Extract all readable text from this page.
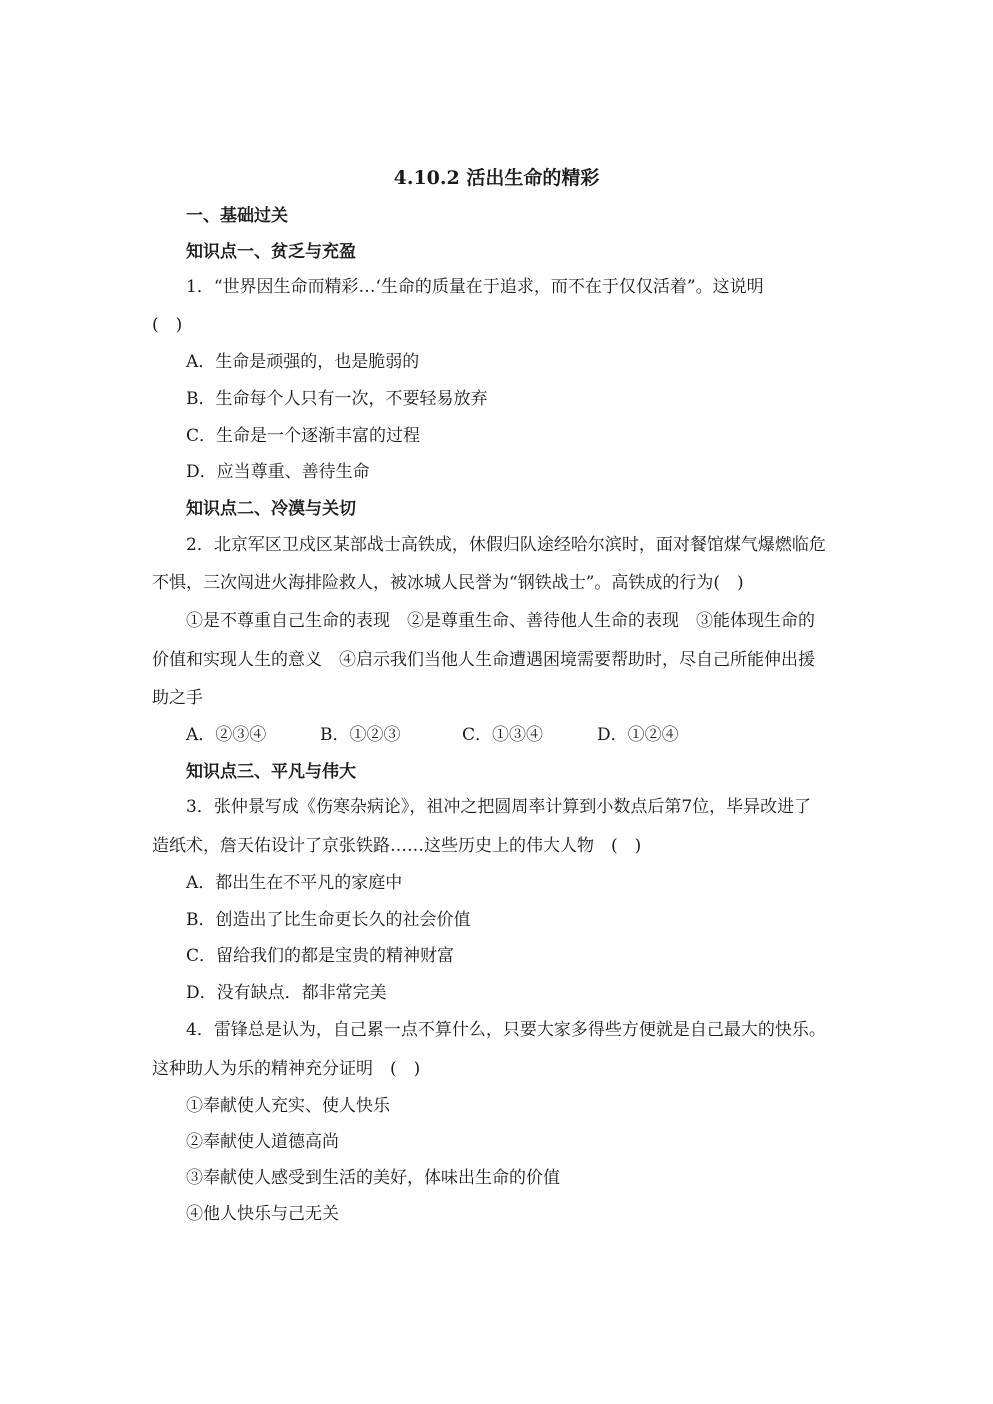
4.10.2 活出生命的精彩
一、基础过关
知识点一、贫乏与充盈
1．“世界因生命而精彩…‘生命的质量在于追求，而不在于仅仅活着”。这说明
(　)
A．生命是顽强的，也是脆弱的
B．生命每个人只有一次，不要轻易放弃
C．生命是一个逐渐丰富的过程
D．应当尊重、善待生命
知识点二、冷漠与关切
2．北京军区卫戍区某部战士高铁成，休假归队途经哈尔滨时，面对餐馆煤气爆燃临危
不惧，三次闯进火海排险救人，被冰城人民誉为“钢铁战士”。高铁成的行为(　)
①是不尊重自己生命的表现　②是尊重生命、善待他人生命的表现　③能体现生命的
价值和实现人生的意义　④启示我们当他人生命遭遇困境需要帮助时，尽自己所能伸出援
助之手
A．②③④	B．①②③	C．①③④	D．①②④
知识点三、平凡与伟大
3．张仲景写成《伤寒杂病论》，祖冲之把圆周率计算到小数点后第7位，毕异改进了
造纸术，詹天佑设计了京张铁路……这些历史上的伟大人物　(　)
A．都出生在不平凡的家庭中
B．创造出了比生命更长久的社会价值
C．留给我们的都是宝贵的精神财富
D．没有缺点．都非常完美
4．雷锋总是认为，自己累一点不算什么，只要大家多得些方便就是自己最大的快乐。
这种助人为乐的精神充分证明　(　)
①奉献使人充实、使人快乐
②奉献使人道德高尚
③奉献使人感受到生活的美好，体味出生命的价值
④他人快乐与己无关
